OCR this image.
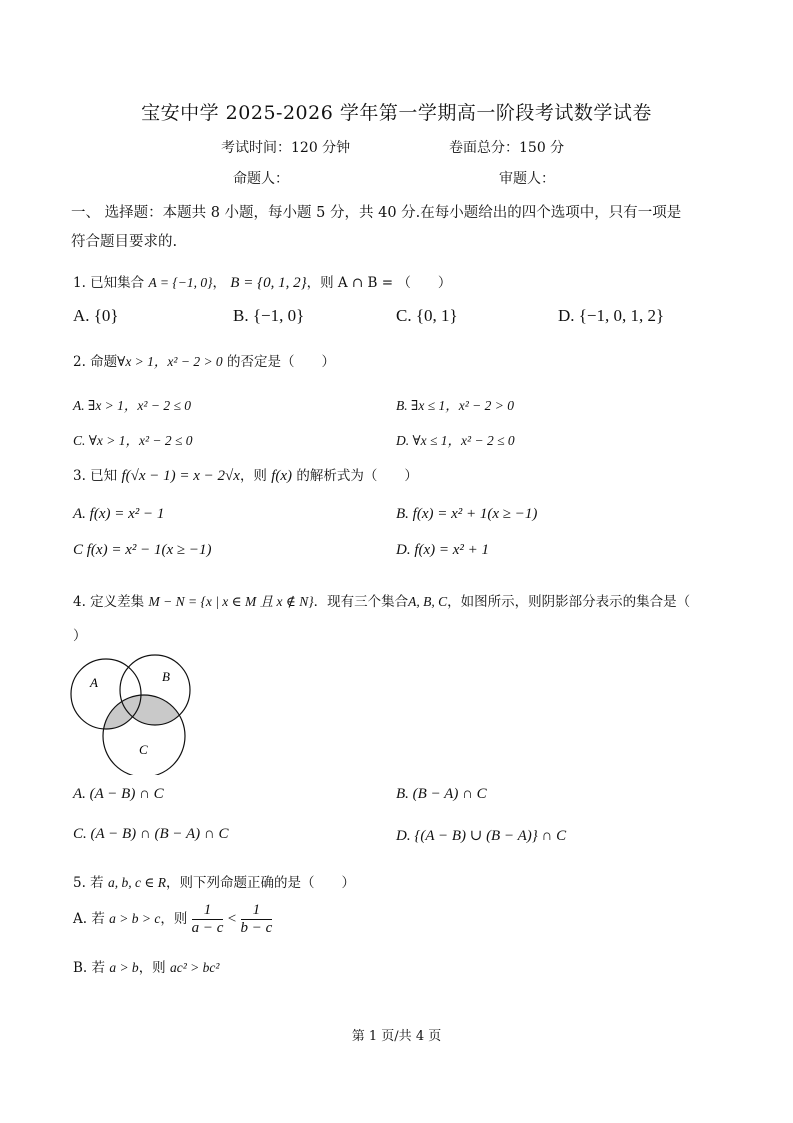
宝安中学 2025-2026 学年第一学期高一阶段考试数学试卷
考试时间：120 分钟	卷面总分：150 分
命题人：	审题人：
一、 选择题：本题共 8 小题，每小题 5 分，共 40 分.在每小题给出的四个选项中，只有一项是
符合题目要求的.
1. 已知集合 A = {−1, 0}， B = {0, 1, 2}，则 A ∩ B = （　　）
A. {0}	B. {−1, 0}	C. {0, 1}	D. {−1, 0, 1, 2}
2. 命题∀x > 1，x² − 2 > 0 的否定是（　　）
A. ∃x > 1，x² − 2 ≤ 0	B. ∃x ≤ 1，x² − 2 > 0
C. ∀x > 1，x² − 2 ≤ 0	D. ∀x ≤ 1，x² − 2 ≤ 0
3. 已知 f(√x − 1) = x − 2√x，则 f(x) 的解析式为（　　）
A. f(x) = x² − 1	B. f(x) = x² + 1(x ≥ −1)
C f(x) = x² − 1(x ≥ −1)	D. f(x) = x² + 1
4. 定义差集 M − N = {x | x ∈ M 且 x ∉ N}．现有三个集合A, B, C，如图所示，则阴影部分表示的集合是（
）
A	B
C
A. (A − B) ∩ C	B. (B − A) ∩ C
C. (A − B) ∩ (B − A) ∩ C	D. {(A − B) ∪ (B − A)} ∩ C
5. 若 a, b, c ∈ R，则下列命题正确的是（　　）
A. 若 a > b > c，则 $\frac{1}{a - c} < \frac{1}{b - c}$
B. 若 a > b，则 ac² > bc²
第 1 页/共 4 页
